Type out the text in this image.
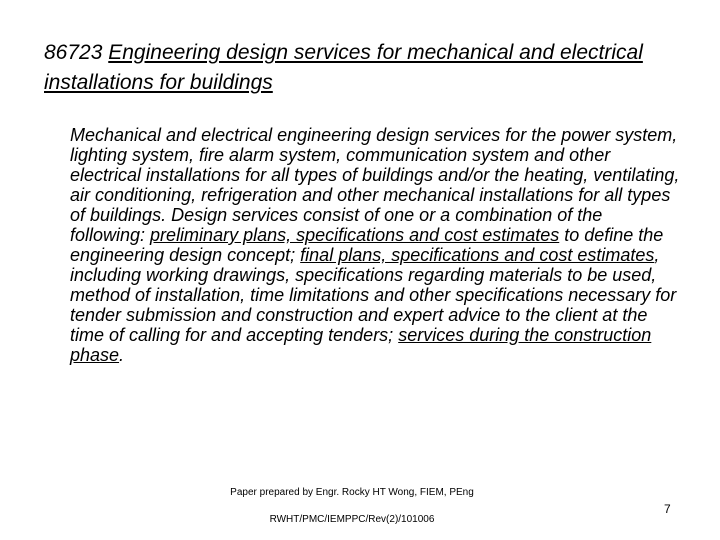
86723 Engineering design services for mechanical and electrical installations for buildings
Mechanical and electrical engineering design services for the power system, lighting system, fire alarm system, communication system and other electrical installations for all types of buildings and/or the heating, ventilating, air conditioning, refrigeration and other mechanical installations for all types of buildings. Design services consist of one or a combination of the following: preliminary plans, specifications and cost estimates to define the engineering design concept; final plans, specifications and cost estimates, including working drawings, specifications regarding materials to be used, method of installation, time limitations and other specifications necessary for tender submission and construction and expert advice to the client at the time of calling for and accepting tenders; services during the construction phase.
Paper prepared by Engr. Rocky HT Wong, FIEM, PEng
RWHT/PMC/IEMPPC/Rev(2)/101006
7
